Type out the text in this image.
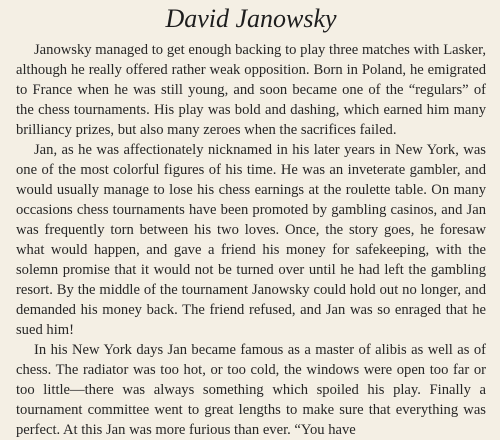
David Janowsky

Janowsky managed to get enough backing to play three matches with Lasker, although he really offered rather weak opposition. Born in Poland, he emigrated to France when he was still young, and soon became one of the “regulars” of the chess tournaments. His play was bold and dashing, which earned him many brilliancy prizes, but also many zeroes when the sacrifices failed.

Jan, as he was affectionately nicknamed in his later years in New York, was one of the most colorful figures of his time. He was an inveterate gambler, and would usually manage to lose his chess earnings at the roulette table. On many occasions chess tournaments have been promoted by gambling casinos, and Jan was frequently torn between his two loves. Once, the story goes, he foresaw what would happen, and gave a friend his money for safekeeping, with the solemn promise that it would not be turned over until he had left the gambling resort. By the middle of the tournament Janowsky could hold out no longer, and demanded his money back. The friend refused, and Jan was so enraged that he sued him!

In his New York days Jan became famous as a master of alibis as well as of chess. The radiator was too hot, or too cold, the windows were open too far or too little—there was always something which spoiled his play. Finally a tournament committee went to great lengths to make sure that everything was perfect. At this Jan was more furious than ever. “You have
